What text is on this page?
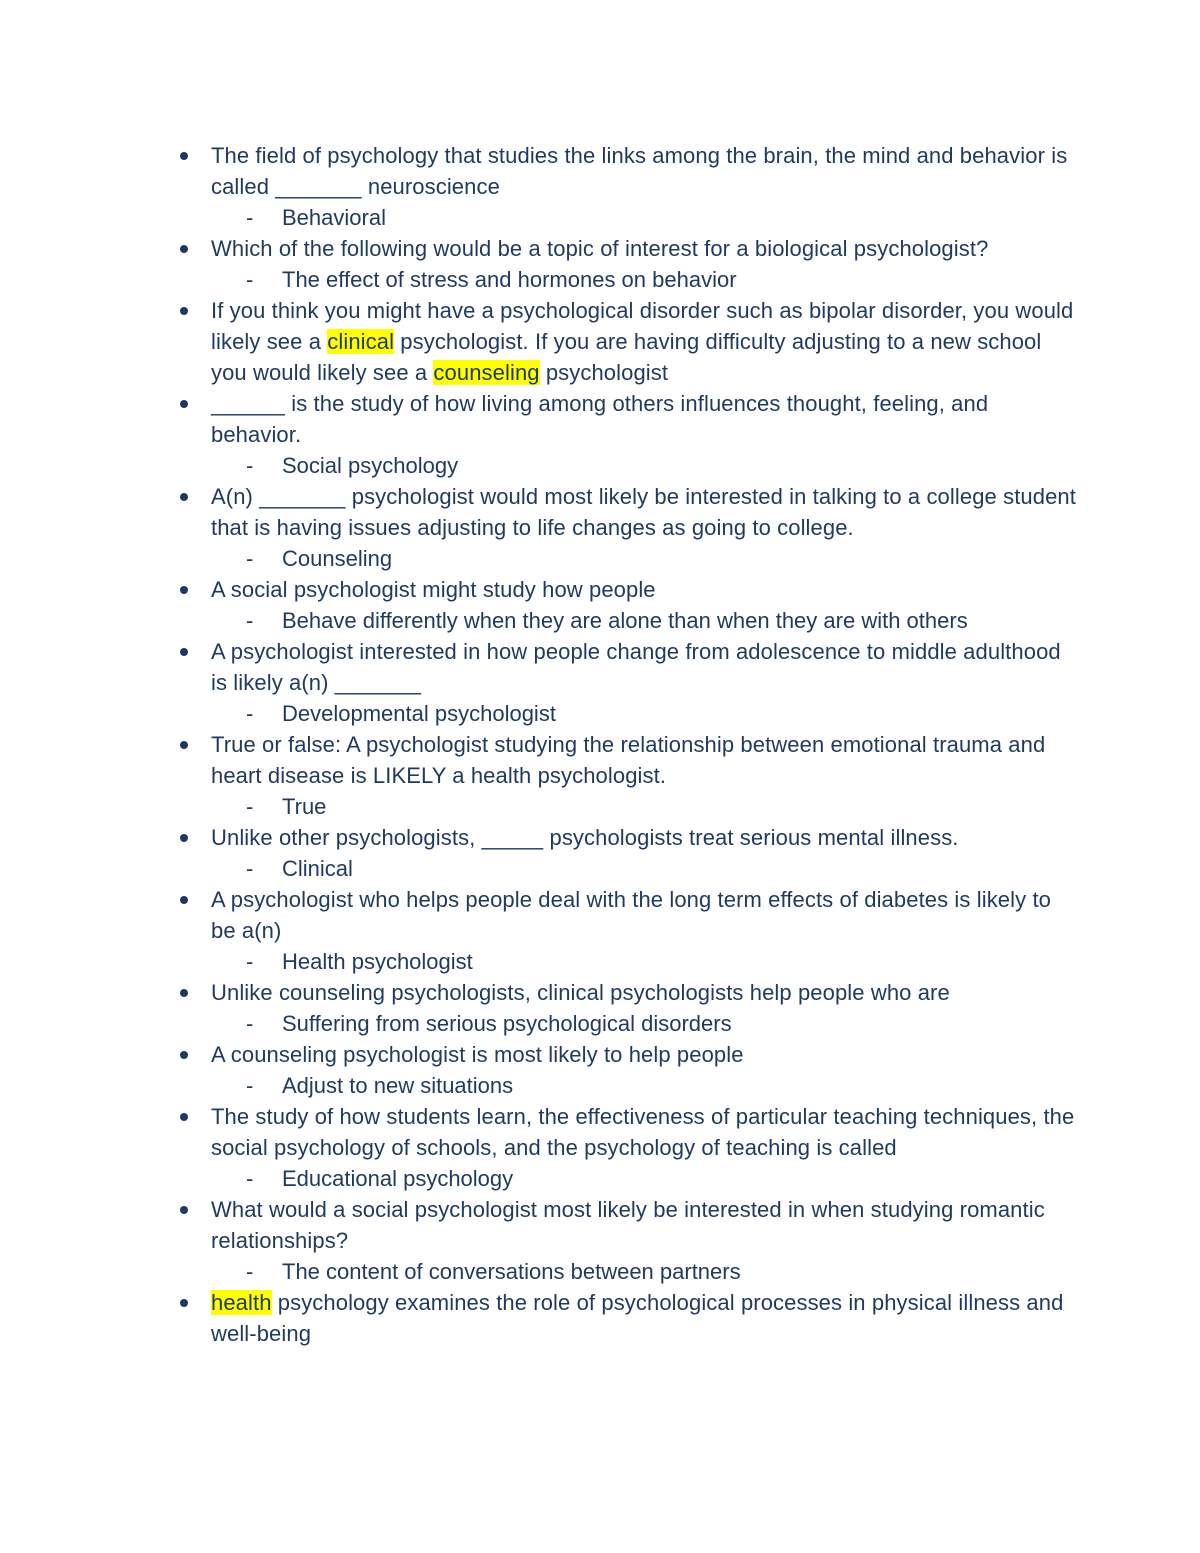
The field of psychology that studies the links among the brain, the mind and behavior is called _______ neuroscience
- Behavioral
Which of the following would be a topic of interest for a biological psychologist?
- The effect of stress and hormones on behavior
If you think you might have a psychological disorder such as bipolar disorder, you would likely see a clinical psychologist. If you are having difficulty adjusting to a new school you would likely see a counseling psychologist
______ is the study of how living among others influences thought, feeling, and behavior.
- Social psychology
A(n) _______ psychologist would most likely be interested in talking to a college student that is having issues adjusting to life changes as going to college.
- Counseling
A social psychologist might study how people
- Behave differently when they are alone than when they are with others
A psychologist interested in how people change from adolescence to middle adulthood is likely a(n) _______
- Developmental psychologist
True or false: A psychologist studying the relationship between emotional trauma and heart disease is LIKELY a health psychologist.
- True
Unlike other psychologists, _____ psychologists treat serious mental illness.
- Clinical
A psychologist who helps people deal with the long term effects of diabetes is likely to be a(n)
- Health psychologist
Unlike counseling psychologists, clinical psychologists help people who are
- Suffering from serious psychological disorders
A counseling psychologist is most likely to help people
- Adjust to new situations
The study of how students learn, the effectiveness of particular teaching techniques, the social psychology of schools, and the psychology of teaching is called
- Educational psychology
What would a social psychologist most likely be interested in when studying romantic relationships?
- The content of conversations between partners
health psychology examines the role of psychological processes in physical illness and well-being
